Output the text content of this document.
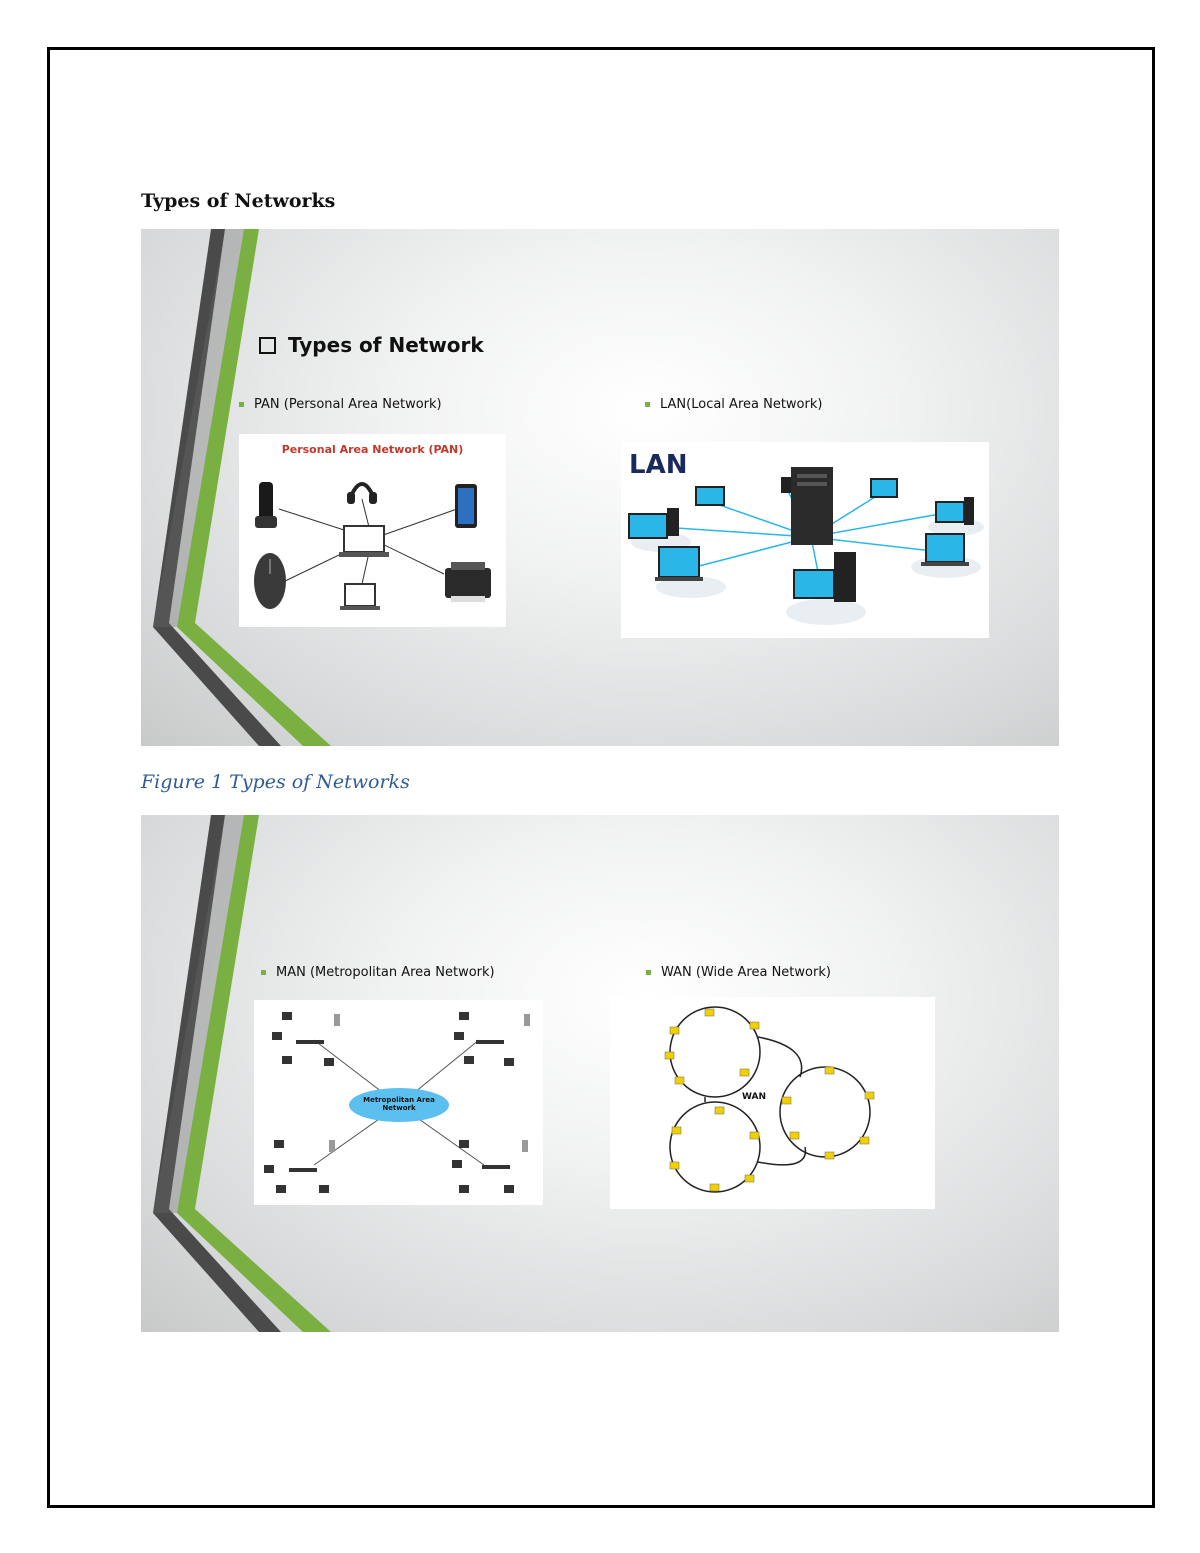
Types of Networks
Types of Network
PAN (Personal Area Network)	LAN(Local Area Network)
Personal Area Network (PAN)
LAN

Figure 1 Types of Networks

MAN (Metropolitan Area Network)	WAN (Wide Area Network)
Metropolitan Area
Network
WAN
